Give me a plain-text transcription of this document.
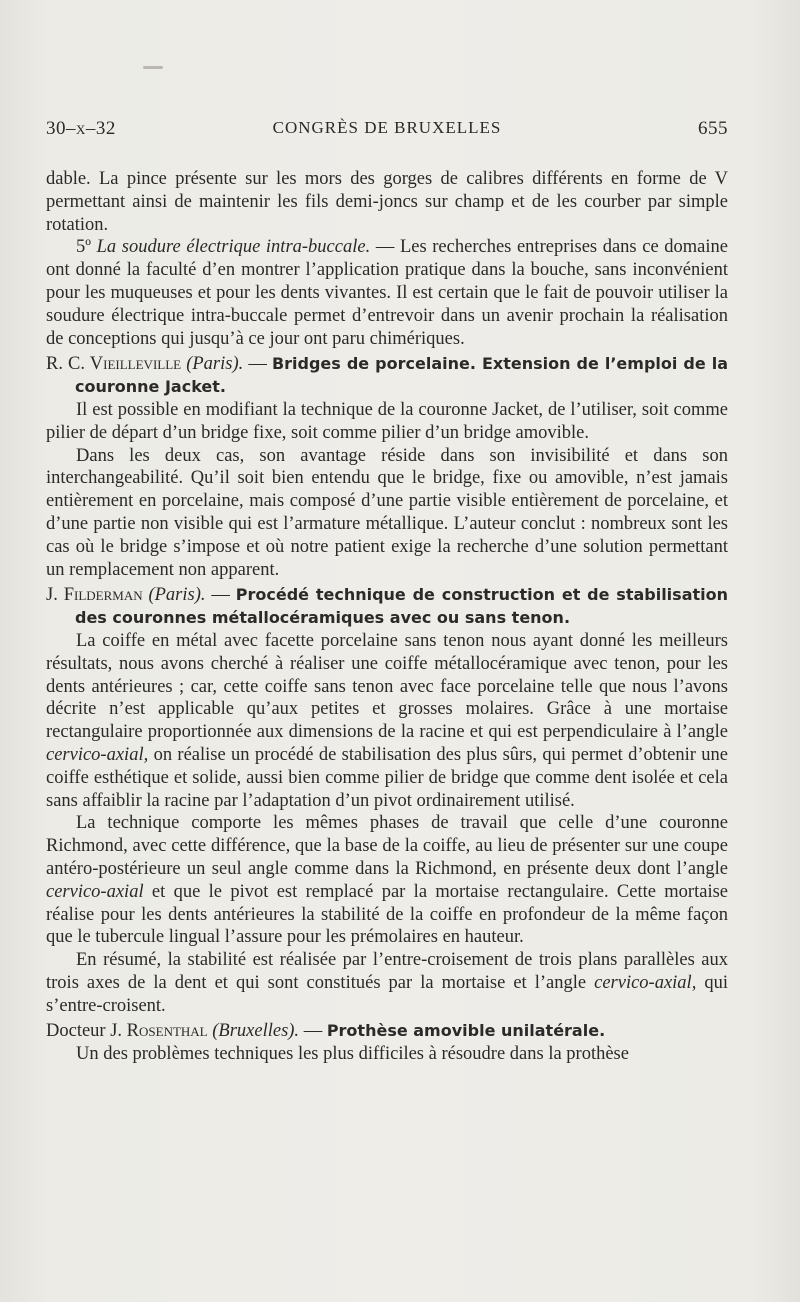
30–x–32	CONGRÈS DE BRUXELLES	655

dable. La pince présente sur les mors des gorges de calibres différents en forme de V permettant ainsi de maintenir les fils demi-joncs sur champ et de les courber par simple rotation.

5º La soudure électrique intra-buccale. — Les recherches entreprises dans ce domaine ont donné la faculté d’en montrer l’application pratique dans la bouche, sans inconvénient pour les muqueuses et pour les dents vivantes. Il est certain que le fait de pouvoir utiliser la soudure électrique intra-buccale permet d’entrevoir dans un avenir prochain la réalisation de conceptions qui jusqu’à ce jour ont paru chimériques.

R. C. Vieilleville (Paris). — Bridges de porcelaine. Extension de l’emploi de la couronne Jacket.

Il est possible en modifiant la technique de la couronne Jacket, de l’utiliser, soit comme pilier de départ d’un bridge fixe, soit comme pilier d’un bridge amovible.

Dans les deux cas, son avantage réside dans son invisibilité et dans son interchangeabilité. Qu’il soit bien entendu que le bridge, fixe ou amovible, n’est jamais entièrement en porcelaine, mais composé d’une partie visible entièrement de porcelaine, et d’une partie non visible qui est l’armature métallique. L’auteur conclut : nombreux sont les cas où le bridge s’impose et où notre patient exige la recherche d’une solution permettant un remplacement non apparent.

J. Filderman (Paris). — Procédé technique de construction et de stabilisation des couronnes métallocéramiques avec ou sans tenon.

La coiffe en métal avec facette porcelaine sans tenon nous ayant donné les meilleurs résultats, nous avons cherché à réaliser une coiffe métallocéramique avec tenon, pour les dents antérieures ; car, cette coiffe sans tenon avec face porcelaine telle que nous l’avons décrite n’est applicable qu’aux petites et grosses molaires. Grâce à une mortaise rectangulaire proportionnée aux dimensions de la racine et qui est perpendiculaire à l’angle cervico-axial, on réalise un procédé de stabilisation des plus sûrs, qui permet d’obtenir une coiffe esthétique et solide, aussi bien comme pilier de bridge que comme dent isolée et cela sans affaiblir la racine par l’adaptation d’un pivot ordinairement utilisé.

La technique comporte les mêmes phases de travail que celle d’une couronne Richmond, avec cette différence, que la base de la coiffe, au lieu de présenter sur une coupe antéro-postérieure un seul angle comme dans la Richmond, en présente deux dont l’angle cervico-axial et que le pivot est remplacé par la mortaise rectangulaire. Cette mortaise réalise pour les dents antérieures la stabilité de la coiffe en profondeur de la même façon que le tubercule lingual l’assure pour les prémolaires en hauteur.

En résumé, la stabilité est réalisée par l’entre-croisement de trois plans parallèles aux trois axes de la dent et qui sont constitués par la mortaise et l’angle cervico-axial, qui s’entre-croisent.

Docteur J. Rosenthal (Bruxelles). — Prothèse amovible unilatérale.

Un des problèmes techniques les plus difficiles à résoudre dans la prothèse
